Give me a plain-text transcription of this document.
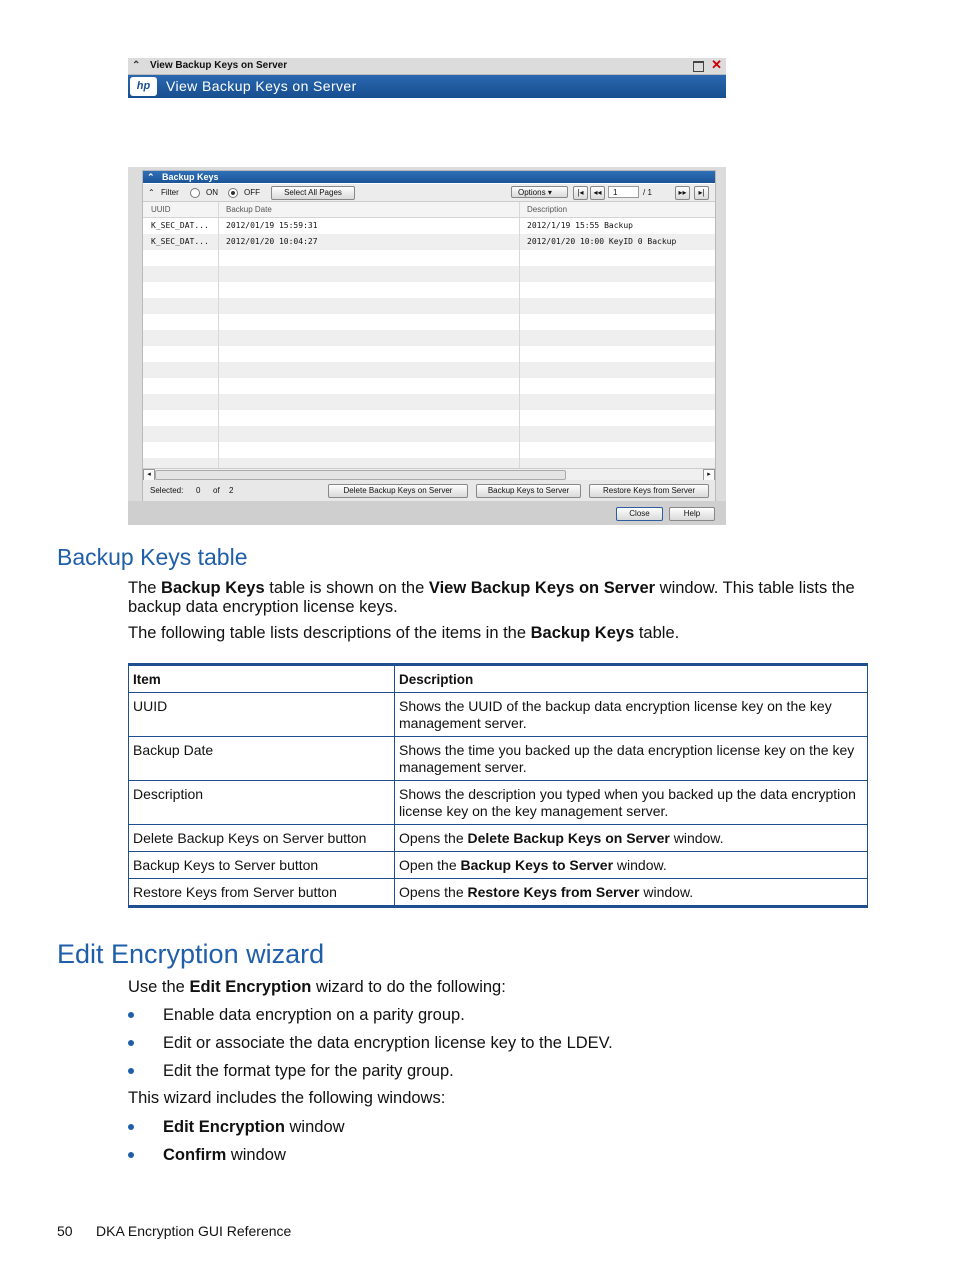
⌃ View Backup Keys on Server	✕
hp	View Backup Keys on Server
⌃ Backup Keys
⌃ Filter	ON	OFF	Select All Pages	Options ▾	|◂	◂◂	1	/ 1	▸▸	▸|
UUID	Backup Date	Description
K_SEC_DAT... 2012/01/19 15:59:31	2012/1/19 15:55 Backup
K_SEC_DAT... 2012/01/20 10:04:27	2012/01/20 10:00 KeyID 0 Backup
◂	▸
Selected: 0 of 2	Delete Backup Keys on Server	Backup Keys to Server	Restore Keys from Server
Close	Help
Backup Keys table
The Backup Keys table is shown on the View Backup Keys on Server window. This table lists the
backup data encryption license keys.
The following table lists descriptions of the items in the Backup Keys table.
Item	Description
UUID	Shows the UUID of the backup data encryption license key on the key
management server.
Backup Date	Shows the time you backed up the data encryption license key on the key
management server.
Description	Shows the description you typed when you backed up the data encryption
license key on the key management server.
Delete Backup Keys on Server button	Opens the Delete Backup Keys on Server window.
Backup Keys to Server button	Open the Backup Keys to Server window.
Restore Keys from Server button	Opens the Restore Keys from Server window.
Edit Encryption wizard
Use the Edit Encryption wizard to do the following:
Enable data encryption on a parity group.
Edit or associate the data encryption license key to the LDEV.
Edit the format type for the parity group.
This wizard includes the following windows:
Edit Encryption window
Confirm window
50 DKA Encryption GUI Reference
